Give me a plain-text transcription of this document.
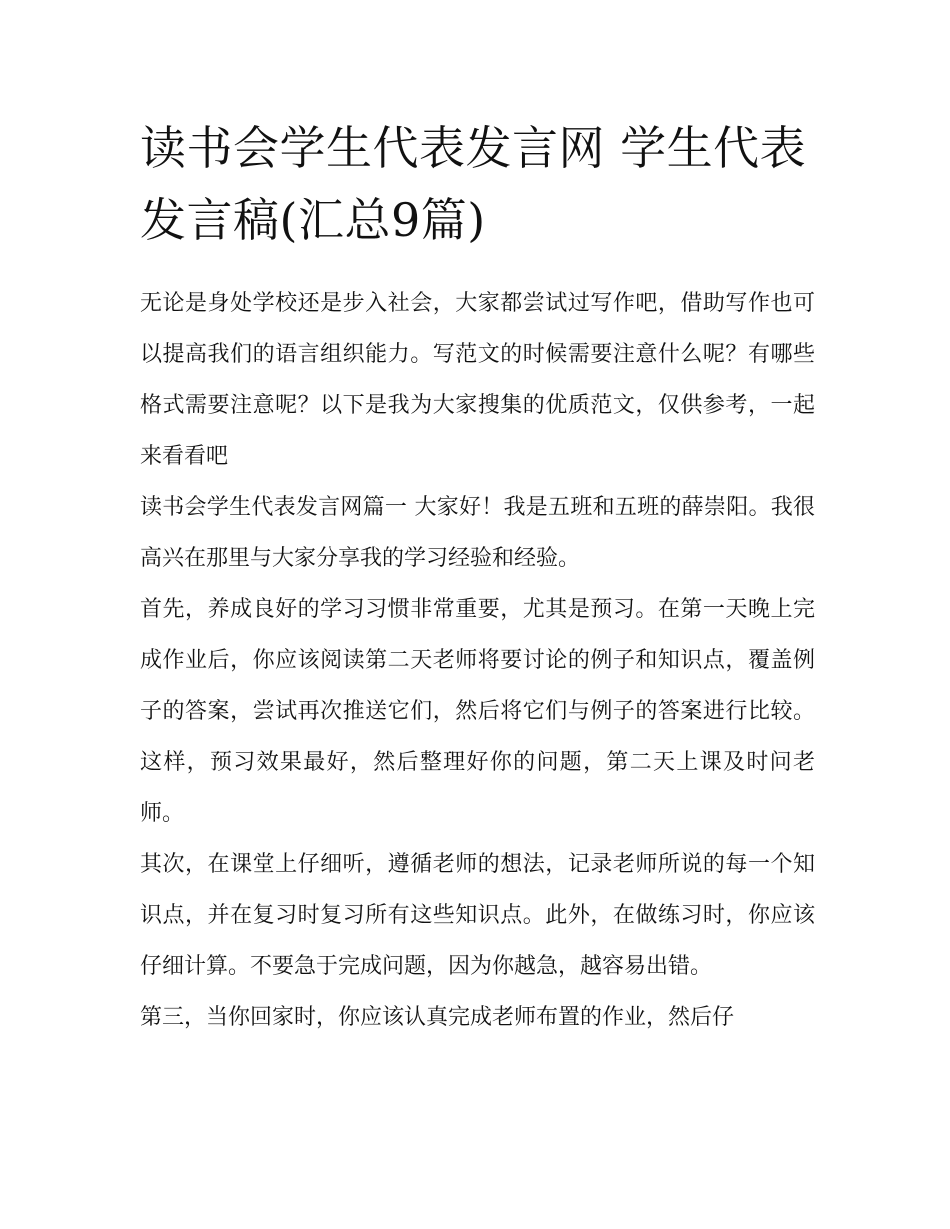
读书会学生代表发言网 学生代表发言稿(汇总9篇)

无论是身处学校还是步入社会，大家都尝试过写作吧，借助写作也可以提高我们的语言组织能力。写范文的时候需要注意什么呢？有哪些格式需要注意呢？以下是我为大家搜集的优质范文，仅供参考，一起来看看吧

读书会学生代表发言网篇一 大家好！我是五班和五班的薛崇阳。我很高兴在那里与大家分享我的学习经验和经验。

首先，养成良好的学习习惯非常重要，尤其是预习。在第一天晚上完成作业后，你应该阅读第二天老师将要讨论的例子和知识点，覆盖例子的答案，尝试再次推送它们，然后将它们与例子的答案进行比较。这样，预习效果最好，然后整理好你的问题，第二天上课及时问老师。

其次，在课堂上仔细听，遵循老师的想法，记录老师所说的每一个知识点，并在复习时复习所有这些知识点。此外，在做练习时，你应该仔细计算。不要急于完成问题，因为你越急，越容易出错。

第三，当你回家时，你应该认真完成老师布置的作业，然后仔
